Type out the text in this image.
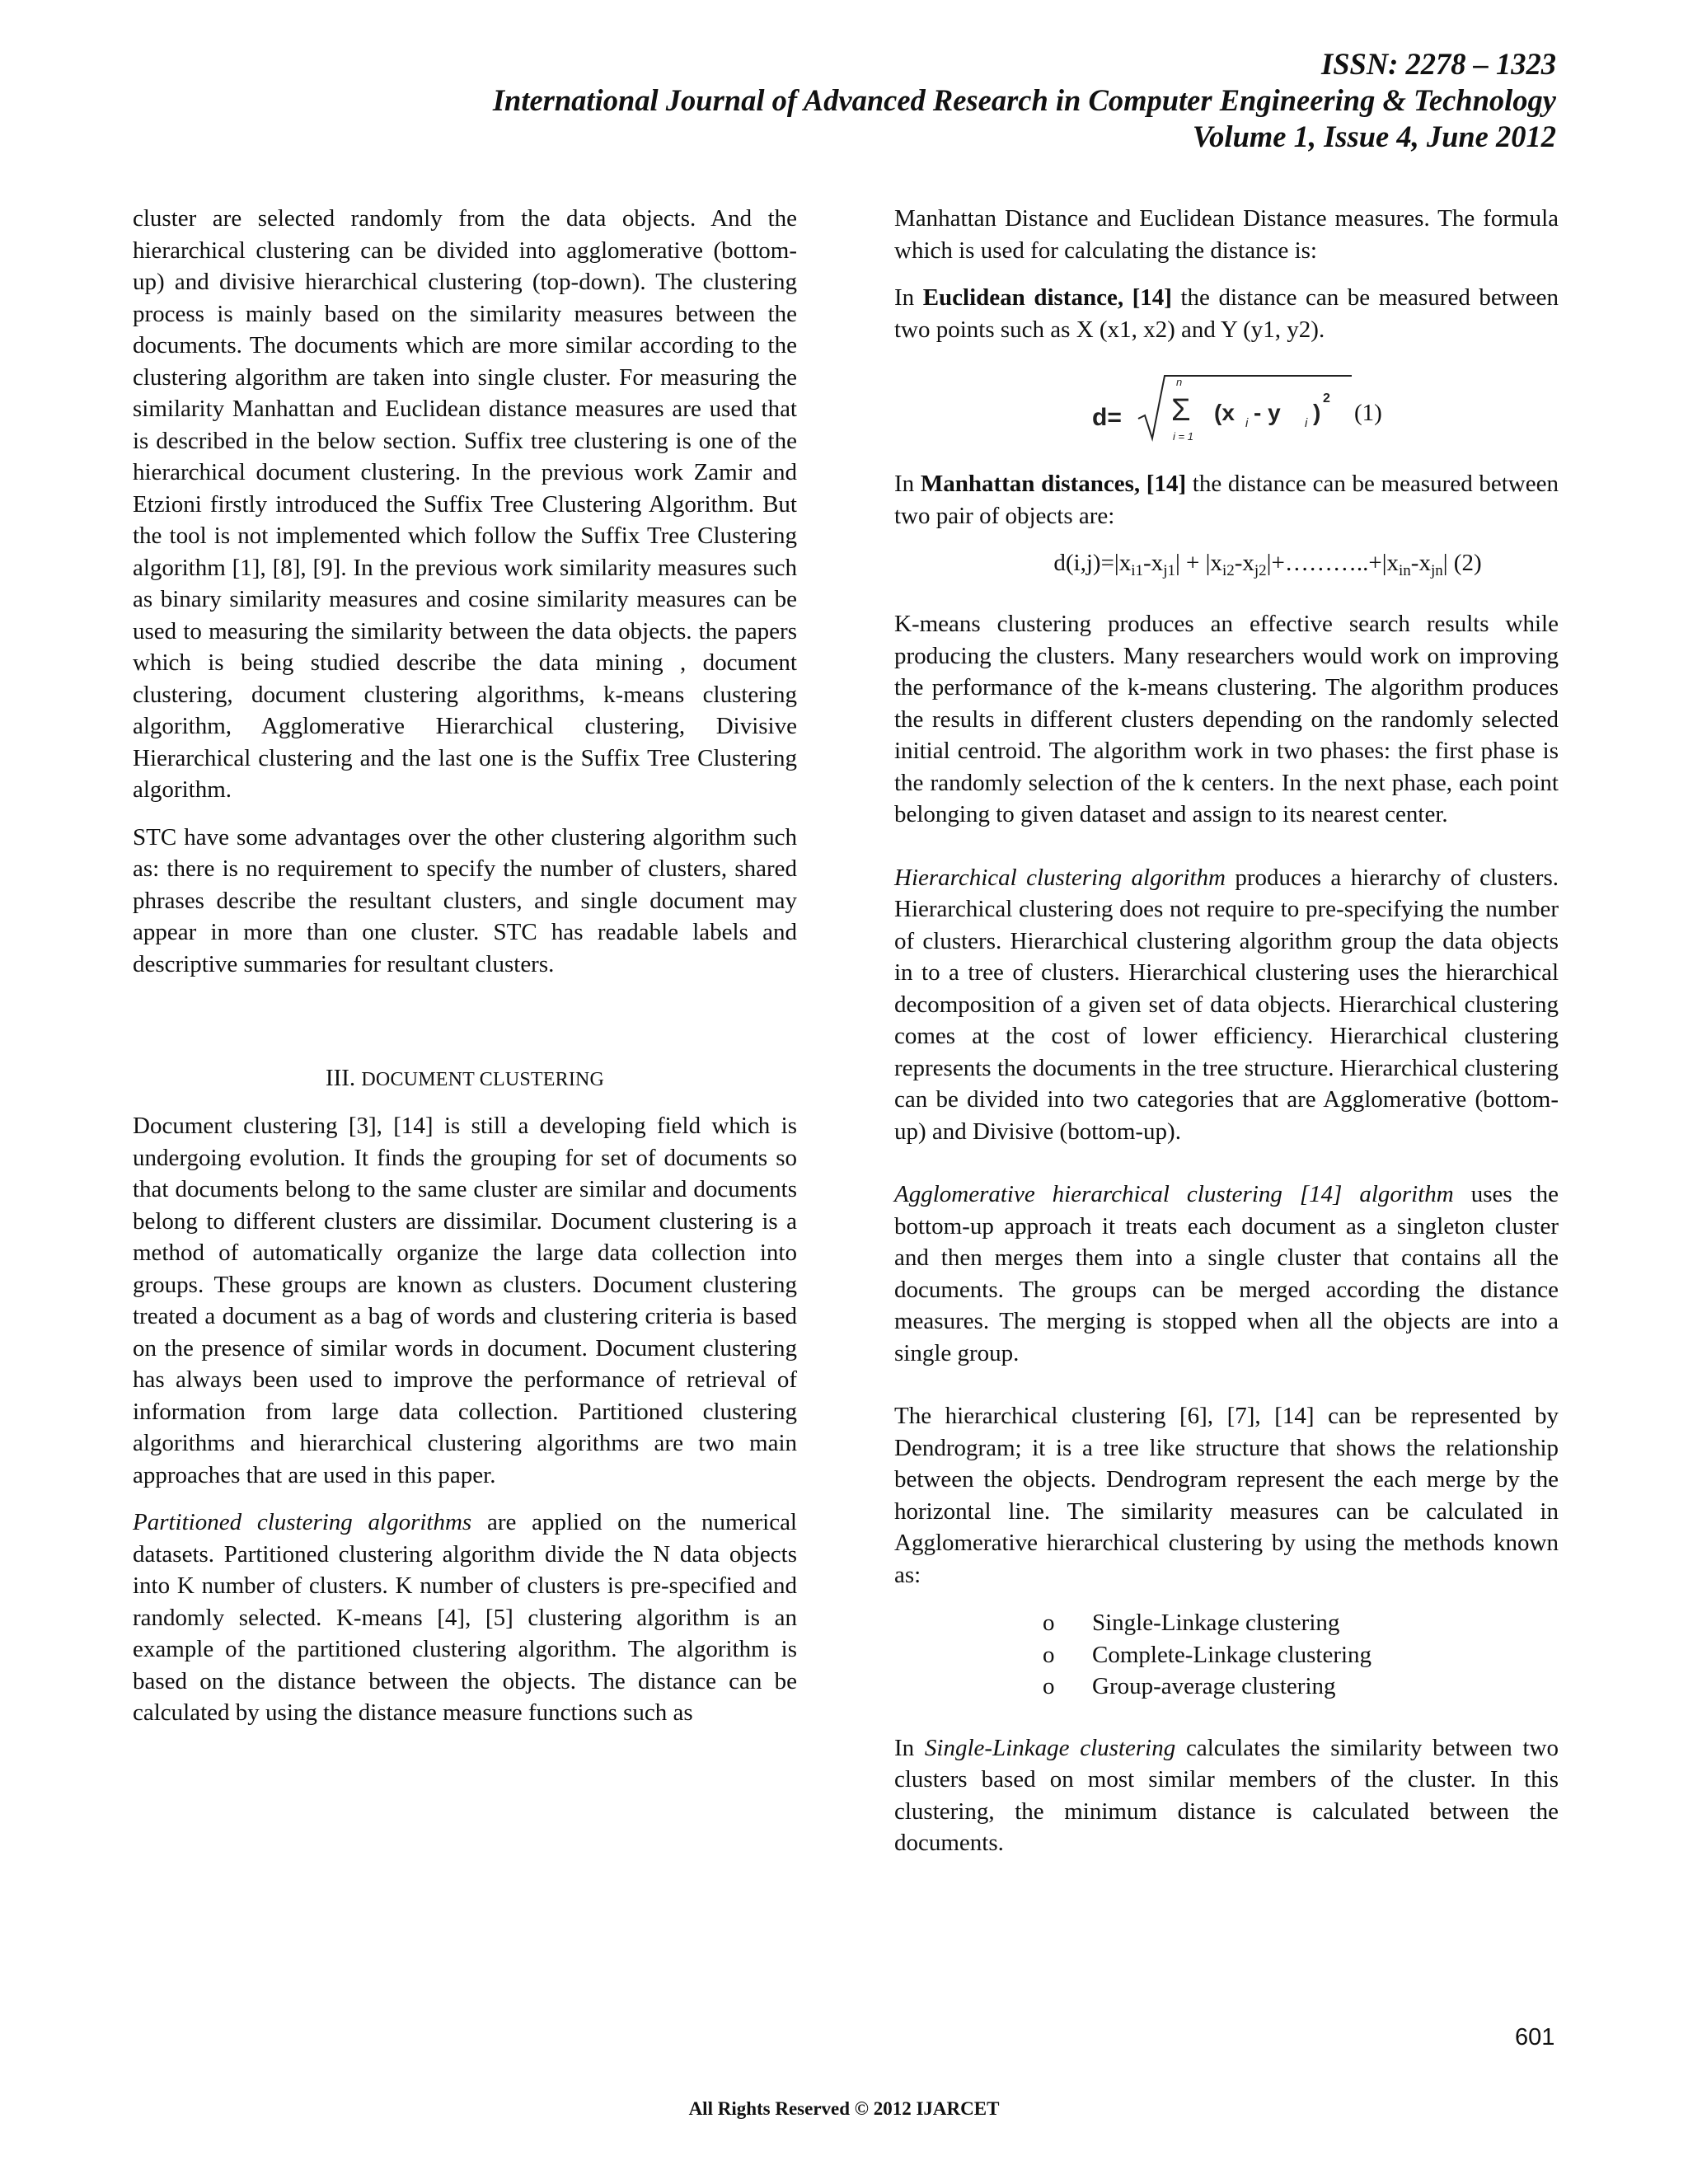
ISSN: 2278 – 1323
International Journal of Advanced Research in Computer Engineering & Technology
Volume 1, Issue 4, June 2012

cluster are selected randomly from the data objects. And the hierarchical clustering can be divided into agglomerative (bottom-up) and divisive hierarchical clustering (top-down). The clustering process is mainly based on the similarity measures between the documents. The documents which are more similar according to the clustering algorithm are taken into single cluster. For measuring the similarity Manhattan and Euclidean distance measures are used that is described in the below section. Suffix tree clustering is one of the hierarchical document clustering. In the previous work Zamir and Etzioni firstly introduced the Suffix Tree Clustering Algorithm. But the tool is not implemented which follow the Suffix Tree Clustering algorithm [1], [8], [9]. In the previous work similarity measures such as binary similarity measures and cosine similarity measures can be used to measuring the similarity between the data objects. the papers which is being studied describe the data mining , document clustering, document clustering algorithms, k-means clustering algorithm, Agglomerative Hierarchical clustering, Divisive Hierarchical clustering and the last one is the Suffix Tree Clustering algorithm.

STC have some advantages over the other clustering algorithm such as: there is no requirement to specify the number of clusters, shared phrases describe the resultant clusters, and single document may appear in more than one cluster. STC has readable labels and descriptive summaries for resultant clusters.

III. DOCUMENT CLUSTERING

Document clustering [3], [14] is still a developing field which is undergoing evolution. It finds the grouping for set of documents so that documents belong to the same cluster are similar and documents belong to different clusters are dissimilar. Document clustering is a method of automatically organize the large data collection into groups. These groups are known as clusters. Document clustering treated a document as a bag of words and clustering criteria is based on the presence of similar words in document. Document clustering has always been used to improve the performance of retrieval of information from large data collection. Partitioned clustering algorithms and hierarchical clustering algorithms are two main approaches that are used in this paper.

Partitioned clustering algorithms are applied on the numerical datasets. Partitioned clustering algorithm divide the N data objects into K number of clusters. K number of clusters is pre-specified and randomly selected. K-means [4], [5] clustering algorithm is an example of the partitioned clustering algorithm. The algorithm is based on the distance between the objects. The distance can be calculated by using the distance measure functions such as

Manhattan Distance and Euclidean Distance measures. The formula which is used for calculating the distance is:

In Euclidean distance, [14] the distance can be measured between two points such as X (x1, x2) and Y (y1, y2).

d=
n
Σ
i = 1
(x i - y i )
2
(1)

In Manhattan distances, [14] the distance can be measured between two pair of objects are:

$d(i,j)=|x_{i1}-x_{j1}|$ + $|x_{i2}-x_{j2}|+\dots\dots\dots..+|x_{in}-x_{jn}|$ (2)

K-means clustering produces an effective search results while producing the clusters. Many researchers would work on improving the performance of the k-means clustering. The algorithm produces the results in different clusters depending on the randomly selected initial centroid. The algorithm work in two phases: the first phase is the randomly selection of the k centers. In the next phase, each point belonging to given dataset and assign to its nearest center.

Hierarchical clustering algorithm produces a hierarchy of clusters. Hierarchical clustering does not require to pre-specifying the number of clusters. Hierarchical clustering algorithm group the data objects in to a tree of clusters. Hierarchical clustering uses the hierarchical decomposition of a given set of data objects. Hierarchical clustering comes at the cost of lower efficiency. Hierarchical clustering represents the documents in the tree structure. Hierarchical clustering can be divided into two categories that are Agglomerative (bottom-up) and Divisive (bottom-up).

Agglomerative hierarchical clustering [14] algorithm uses the bottom-up approach it treats each document as a singleton cluster and then merges them into a single cluster that contains all the documents. The groups can be merged according the distance measures. The merging is stopped when all the objects are into a single group.

The hierarchical clustering [6], [7], [14] can be represented by Dendrogram; it is a tree like structure that shows the relationship between the objects. Dendrogram represent the each merge by the horizontal line. The similarity measures can be calculated in Agglomerative hierarchical clustering by using the methods known as:

o Single-Linkage clustering
o Complete-Linkage clustering
o Group-average clustering

In Single-Linkage clustering calculates the similarity between two clusters based on most similar members of the cluster. In this clustering, the minimum distance is calculated between the documents.

601
All Rights Reserved © 2012 IJARCET
